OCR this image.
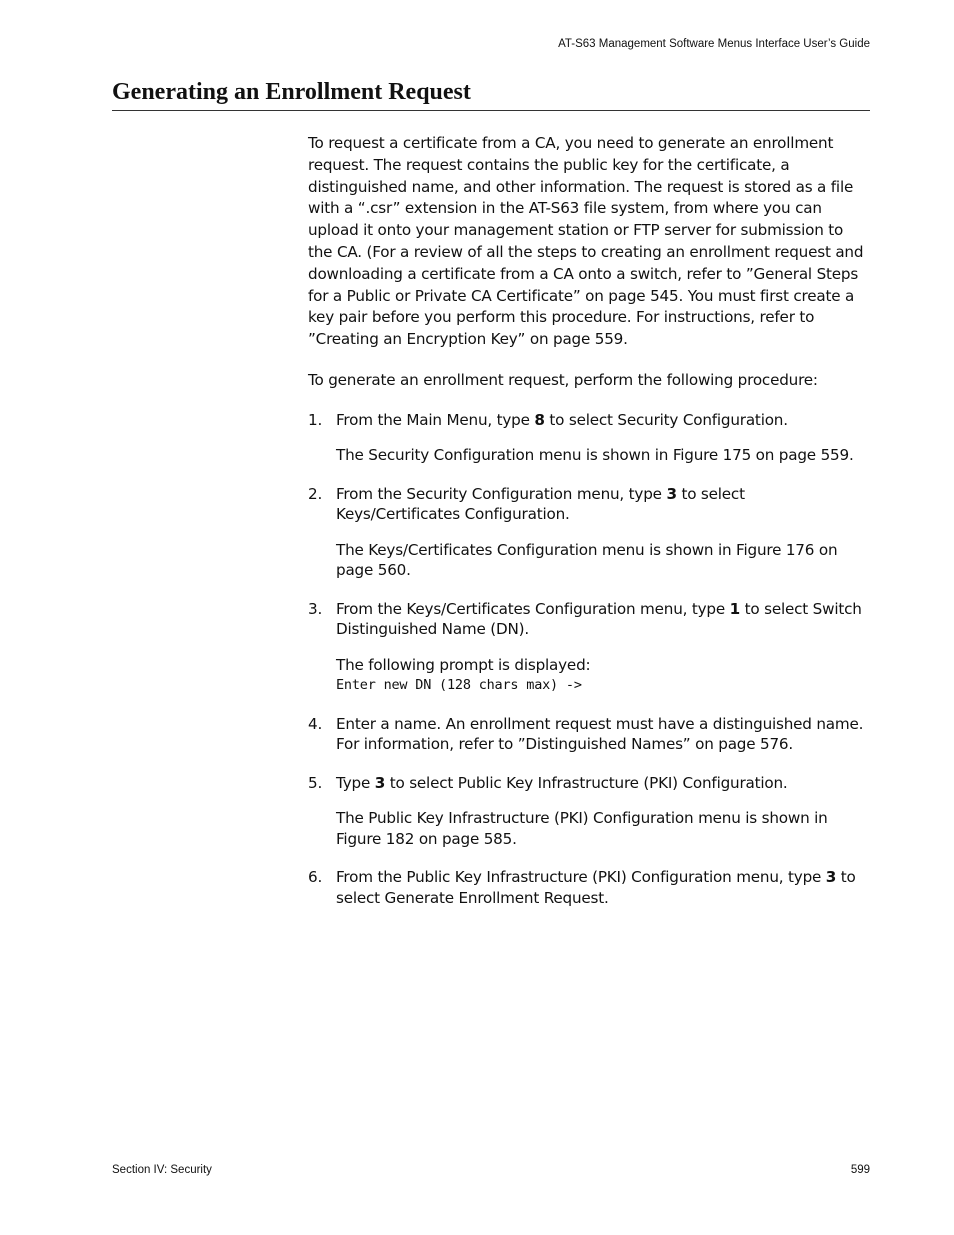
AT-S63 Management Software Menus Interface User’s Guide
Generating an Enrollment Request

To request a certificate from a CA, you need to generate an enrollment request. The request contains the public key for the certificate, a distinguished name, and other information. The request is stored as a file with a “.csr” extension in the AT-S63 file system, from where you can upload it onto your management station or FTP server for submission to the CA. (For a review of all the steps to creating an enrollment request and downloading a certificate from a CA onto a switch, refer to ”General Steps for a Public or Private CA Certificate” on page 545. You must first create a key pair before you perform this procedure. For instructions, refer to ”Creating an Encryption Key” on page 559.

To generate an enrollment request, perform the following procedure:

1. From the Main Menu, type 8 to select Security Configuration.

The Security Configuration menu is shown in Figure 175 on page 559.

2. From the Security Configuration menu, type 3 to select Keys/Certificates Configuration.

The Keys/Certificates Configuration menu is shown in Figure 176 on page 560.

3. From the Keys/Certificates Configuration menu, type 1 to select Switch Distinguished Name (DN).

The following prompt is displayed:

Enter new DN (128 chars max) ->

4. Enter a name. An enrollment request must have a distinguished name. For information, refer to ”Distinguished Names” on page 576.

5. Type 3 to select Public Key Infrastructure (PKI) Configuration.

The Public Key Infrastructure (PKI) Configuration menu is shown in Figure 182 on page 585.

6. From the Public Key Infrastructure (PKI) Configuration menu, type 3 to select Generate Enrollment Request.

Section IV: Security	599
